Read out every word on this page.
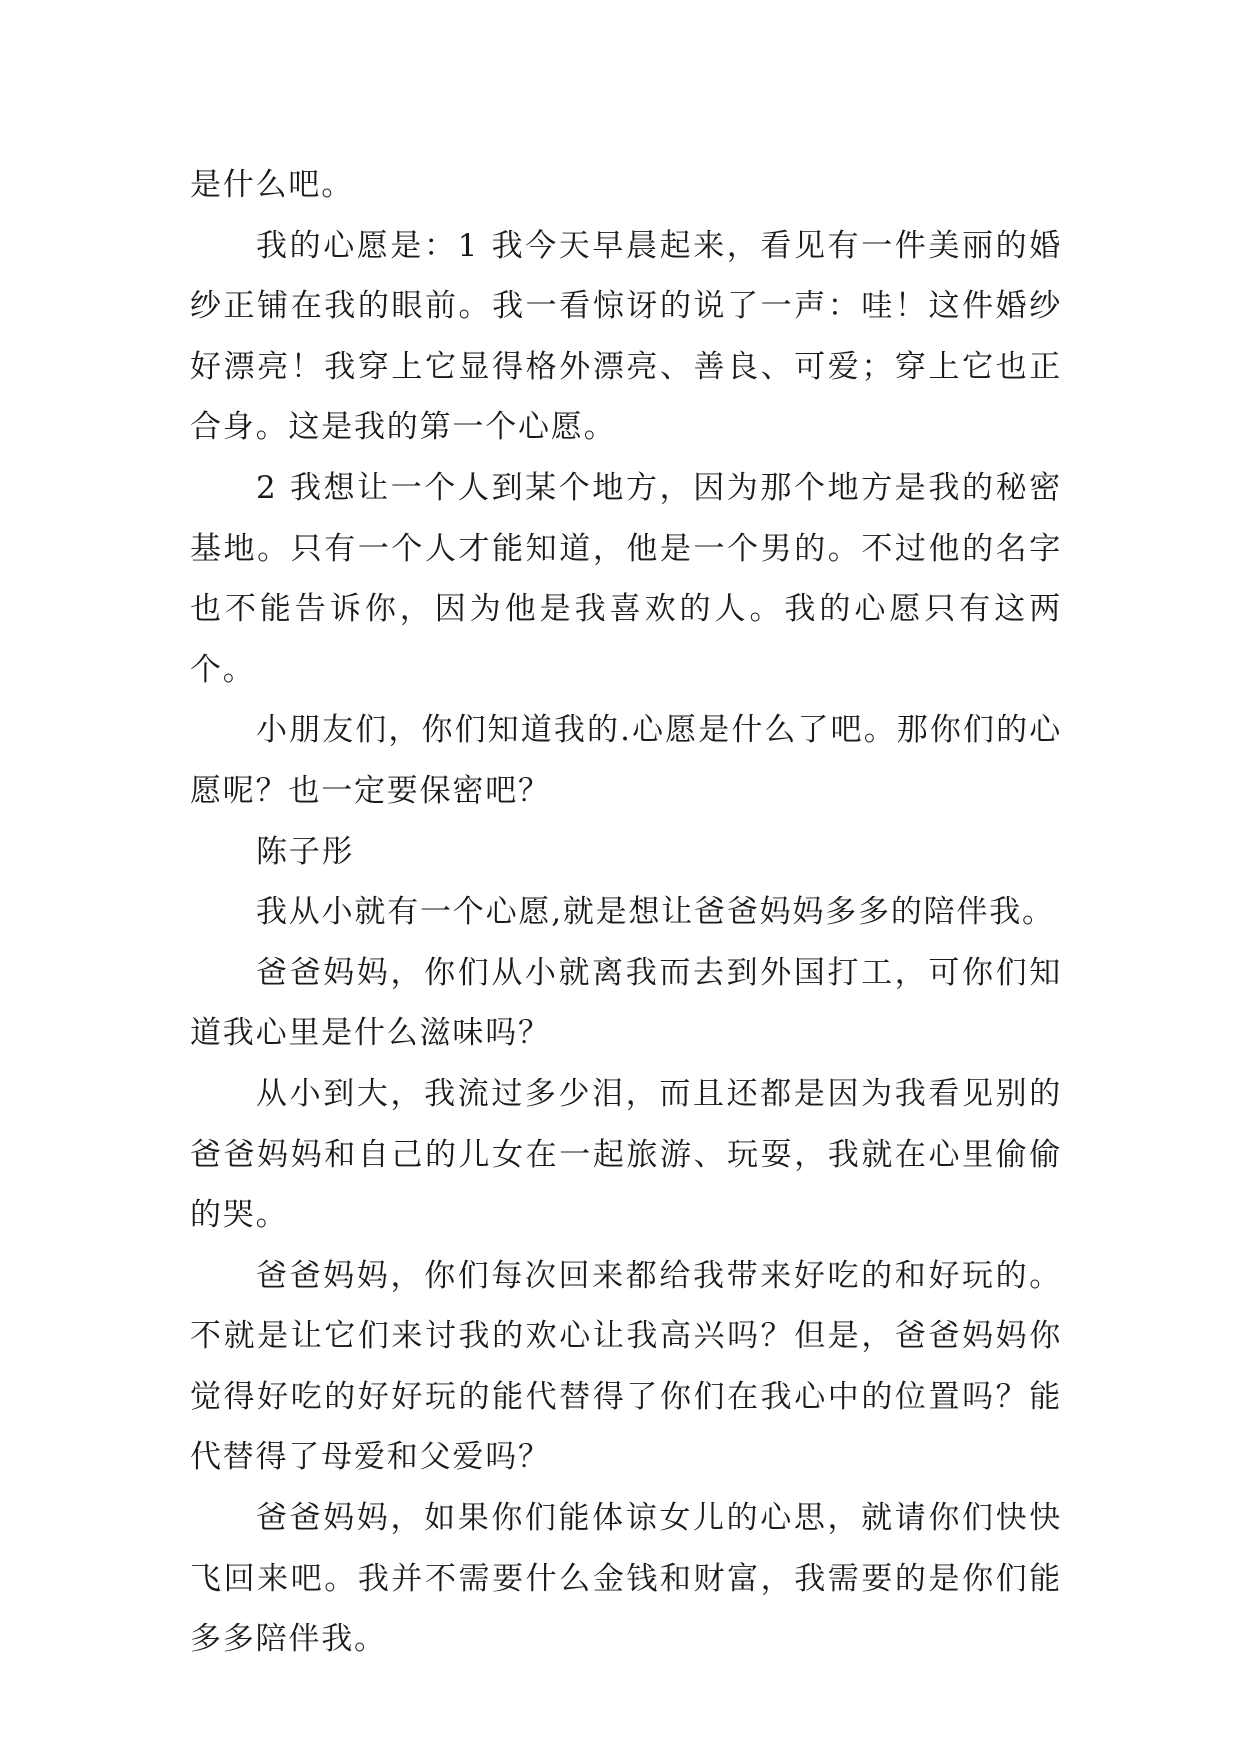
是什么吧。

我的心愿是：1 我今天早晨起来，看见有一件美丽的婚纱正铺在我的眼前。我一看惊讶的说了一声：哇！这件婚纱好漂亮！我穿上它显得格外漂亮、善良、可爱；穿上它也正合身。这是我的第一个心愿。

2 我想让一个人到某个地方，因为那个地方是我的秘密基地。只有一个人才能知道，他是一个男的。不过他的名字也不能告诉你，因为他是我喜欢的人。我的心愿只有这两个。

小朋友们，你们知道我的.心愿是什么了吧。那你们的心愿呢？也一定要保密吧？

陈子彤

我从小就有一个心愿,就是想让爸爸妈妈多多的陪伴我。

爸爸妈妈，你们从小就离我而去到外国打工，可你们知道我心里是什么滋味吗？

从小到大，我流过多少泪，而且还都是因为我看见别的爸爸妈妈和自己的儿女在一起旅游、玩耍，我就在心里偷偷的哭。

爸爸妈妈，你们每次回来都给我带来好吃的和好玩的。不就是让它们来讨我的欢心让我高兴吗？但是，爸爸妈妈你觉得好吃的好好玩的能代替得了你们在我心中的位置吗？能代替得了母爱和父爱吗？

爸爸妈妈，如果你们能体谅女儿的心思，就请你们快快飞回来吧。我并不需要什么金钱和财富，我需要的是你们能多多陪伴我。
